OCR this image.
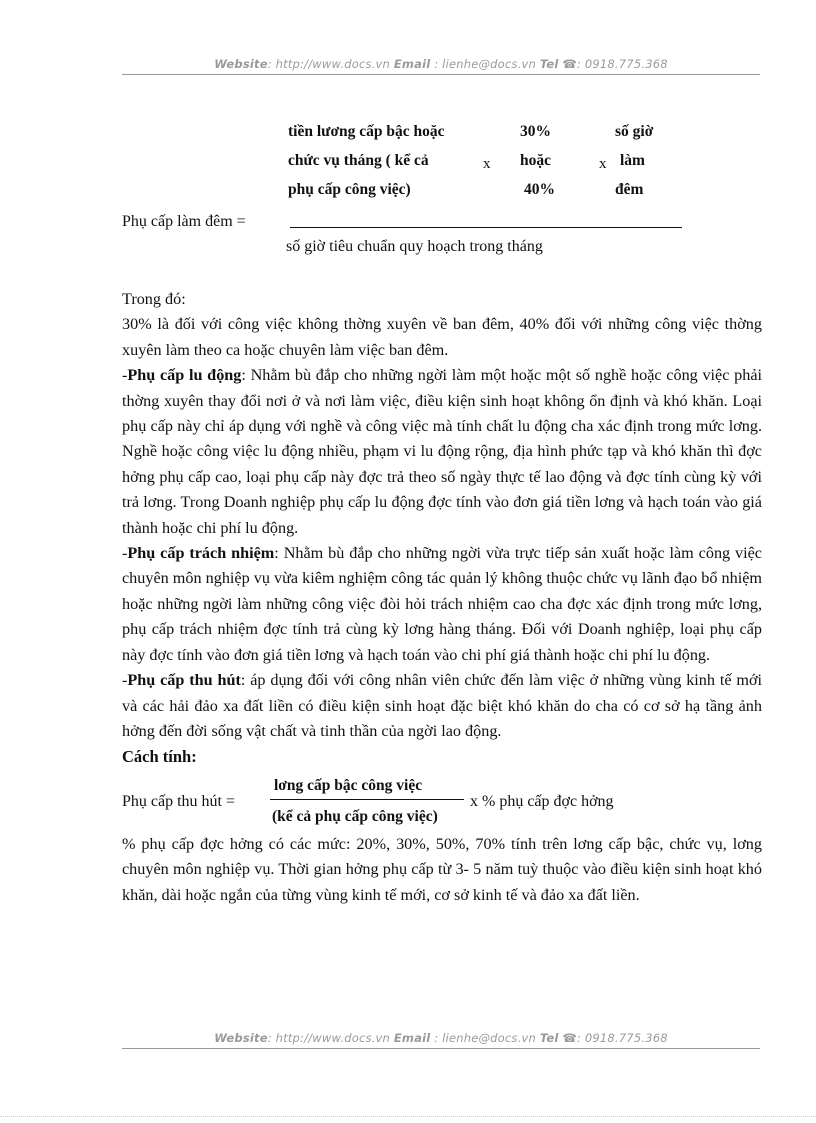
Website: http://www.docs.vn Email : lienhe@docs.vn Tel ☎: 0918.775.368
tiền lương cấp bậc hoặc
chức vụ tháng ( kể cả
phụ cấp công việc)
x
30%
hoặc
40%
x
số giờ
làm
đêm
Phụ cấp làm đêm =
số giờ tiêu chuẩn quy hoạch trong tháng

Trong đó:

30% là đối với công việc không thờng xuyên về ban đêm, 40% đối với những công việc thờng xuyên làm theo ca hoặc chuyên làm việc ban đêm.

-Phụ cấp lu động: Nhằm bù đắp cho những ngời làm một hoặc một số nghề hoặc công việc phải thờng xuyên thay đổi nơi ở và nơi làm việc, điều kiện sinh hoạt không ổn định và khó khăn. Loại phụ cấp này chỉ áp dụng với nghề và công việc mà tính chất lu động cha xác định trong mức lơng. Nghề hoặc công việc lu động nhiều, phạm vi lu động rộng, địa hình phức tạp và khó khăn thì đợc hởng phụ cấp cao, loại phụ cấp này đợc trả theo số ngày thực tế lao động và đợc tính cùng kỳ với trả lơng. Trong Doanh nghiệp phụ cấp lu động đợc tính vào đơn giá tiền lơng và hạch toán vào giá thành hoặc chi phí lu động.

-Phụ cấp trách nhiệm: Nhằm bù đắp cho những ngời vừa trực tiếp sản xuất hoặc làm công việc chuyên môn nghiệp vụ vừa kiêm nghiệm công tác quản lý không thuộc chức vụ lãnh đạo bổ nhiệm hoặc những ngời làm những công việc đòi hỏi trách nhiệm cao cha đợc xác định trong mức lơng, phụ cấp trách nhiệm đợc tính trả cùng kỳ lơng hàng tháng. Đối với Doanh nghiệp, loại phụ cấp này đợc tính vào đơn giá tiền lơng và hạch toán vào chi phí giá thành hoặc chi phí lu động.

-Phụ cấp thu hút: áp dụng đối với công nhân viên chức đến làm việc ở những vùng kinh tế mới và các hải đảo xa đất liền có điều kiện sinh hoạt đặc biệt khó khăn do cha có cơ sở hạ tầng ảnh hởng đến đời sống vật chất và tinh thần của ngời lao động.

Cách tính:

Phụ cấp thu hút =
lơng cấp bậc công việc
(kể cả phụ cấp công việc)
x % phụ cấp đợc hởng

% phụ cấp đợc hởng có các mức: 20%, 30%, 50%, 70% tính trên lơng cấp bậc, chức vụ, lơng chuyên môn nghiệp vụ. Thời gian hởng phụ cấp từ 3- 5 năm tuỳ thuộc vào điều kiện sinh hoạt khó khăn, dài hoặc ngắn của từng vùng kinh tế mới, cơ sở kinh tế và đảo xa đất liền.

Website: http://www.docs.vn Email : lienhe@docs.vn Tel ☎: 0918.775.368
